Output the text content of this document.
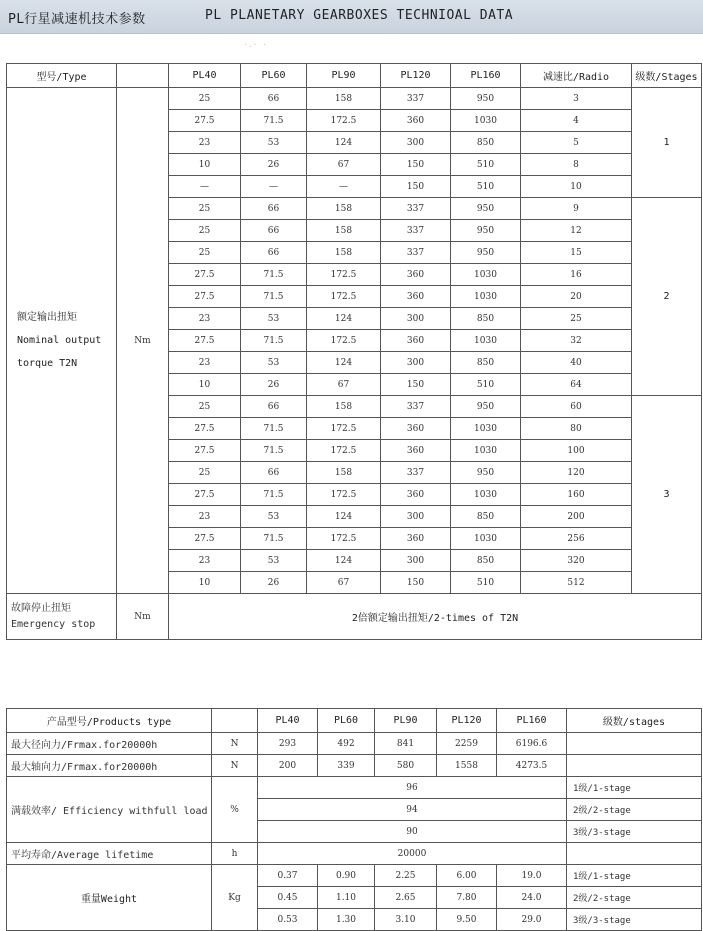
PL行星减速机技术参数	PL PLANETARY GEARBOXES TECHNIOAL DATA
型号/Type		PL40	PL60	PL90	PL120	PL160	减速比/Radio	级数/Stages

额定输出扭矩
Nominal output
torque T2N	Nm	25	66	158	337	950	3	1
		27.5	71.5	172.5	360	1030	4	
		23	53	124	300	850	5	
		10	26	67	150	510	8	
		—	—	—	150	510	10	
		25	66	158	337	950	9	2
		25	66	158	337	950	12	
		25	66	158	337	950	15	
		27.5	71.5	172.5	360	1030	16	
		27.5	71.5	172.5	360	1030	20	
		23	53	124	300	850	25	
		27.5	71.5	172.5	360	1030	32	
		23	53	124	300	850	40	
		10	26	67	150	510	64	
		25	66	158	337	950	60	3
		27.5	71.5	172.5	360	1030	80	
		27.5	71.5	172.5	360	1030	100	
		25	66	158	337	950	120	
		27.5	71.5	172.5	360	1030	160	
		23	53	124	300	850	200	
		27.5	71.5	172.5	360	1030	256	
		23	53	124	300	850	320	
		10	26	67	150	510	512	

故障停止扭矩
Emergency stop	Nm	2倍额定输出扭矩/2-times of T2N						
·.· ·
产品型号/Products type		PL40	PL60	PL90	PL120	PL160	级数/stages
最大径向力/Frmax.for20000h	N	293	492	841	2259	6196.6	
最大轴向力/Frmax.for20000h	N	200	339	580	1558	4273.5	
满载效率/ Efficiency withfull load	%	96					1级/1-stage
		94					2级/2-stage
		90					3级/3-stage
平均寿命/Average lifetime	h	20000					
重量Weight	Kg	0.37	0.90	2.25	6.00	19.0	1级/1-stage
		0.45	1.10	2.65	7.80	24.0	2级/2-stage
		0.53	1.30	3.10	9.50	29.0	3级/3-stage
